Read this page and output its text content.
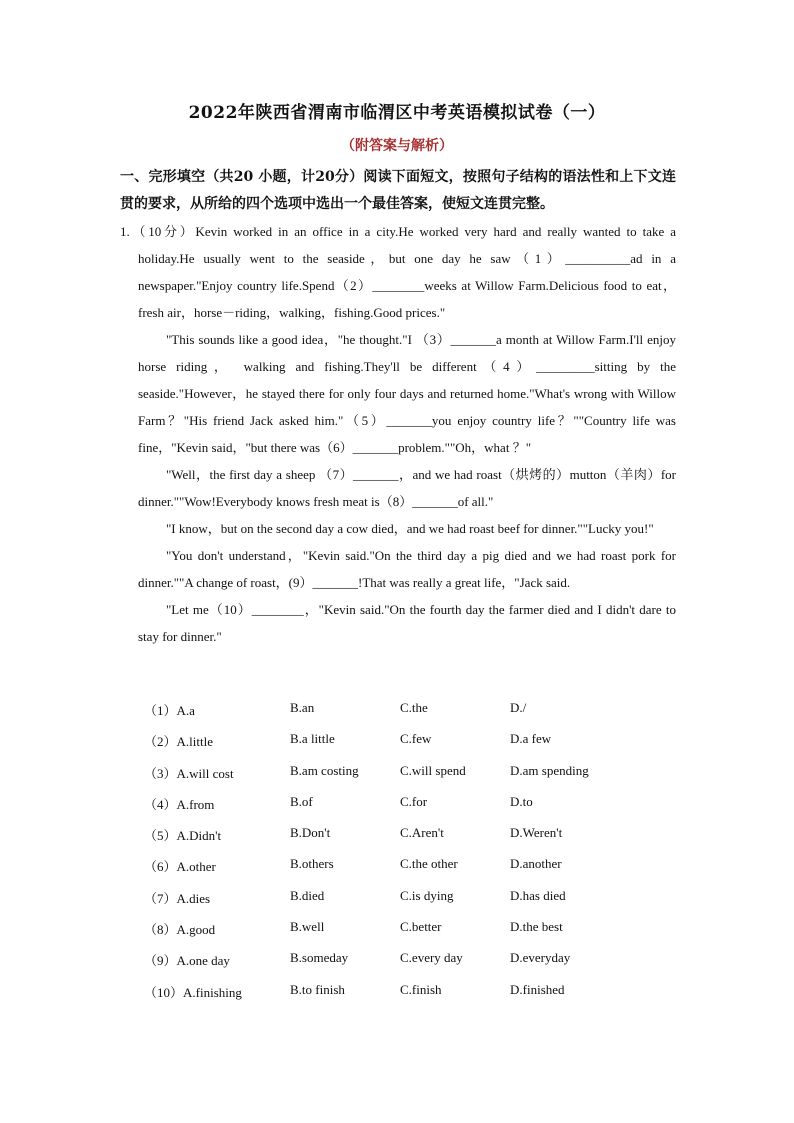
2022年陕西省渭南市临渭区中考英语模拟试卷（一）
（附答案与解析）
一、完形填空（共20 小题，计20分）阅读下面短文，按照句子结构的语法性和上下文连贯的要求，从所给的四个选项中选出一个最佳答案，使短文连贯完整。

1.（10分）Kevin worked in an office in a city.He worked very hard and really wanted to take a holiday.He usually went to the seaside，but one day he saw（1）__________ad in a newspaper."Enjoy country life.Spend（2）________weeks at Willow Farm.Delicious food to eat，fresh air，horse－riding，walking，fishing.Good prices."

"This sounds like a good idea，"he thought."I （3）_______a month at Willow Farm.I'll enjoy horse riding， walking and fishing.They'll be different（4）_________sitting by the seaside."However，he stayed there for only four days and returned home."What's wrong with Willow Farm？"His friend Jack asked him."（5）_______you enjoy country life？""Country life was fine，"Kevin said，"but there was（6）_______problem.""Oh，what ？"

"Well，the first day a sheep （7）_______，and we had roast（烘烤的）mutton（羊肉）for dinner.""Wow!Everybody knows fresh meat is（8）_______of all."

"I know，but on the second day a cow died，and we had roast beef for dinner.""Lucky you!"

"You don't understand，"Kevin said."On the third day a pig died and we had roast pork for dinner.""A change of roast，(9）_______!That was really a great life，"Jack said.

"Let me（10）________，"Kevin said."On the fourth day the farmer died and I didn't dare to stay for dinner."

（1）A.a	B.an	C.the	D./
（2）A.little	B.a little	C.few	D.a few
（3）A.will cost	B.am costing	C.will spend	D.am spending
（4）A.from	B.of	C.for	D.to
（5）A.Didn't	B.Don't	C.Aren't	D.Weren't
（6）A.other	B.others	C.the other	D.another
（7）A.dies	B.died	C.is dying	D.has died
（8）A.good	B.well	C.better	D.the best
（9）A.one day	B.someday	C.every day	D.everyday
（10）A.finishing	B.to finish	C.finish	D.finished
